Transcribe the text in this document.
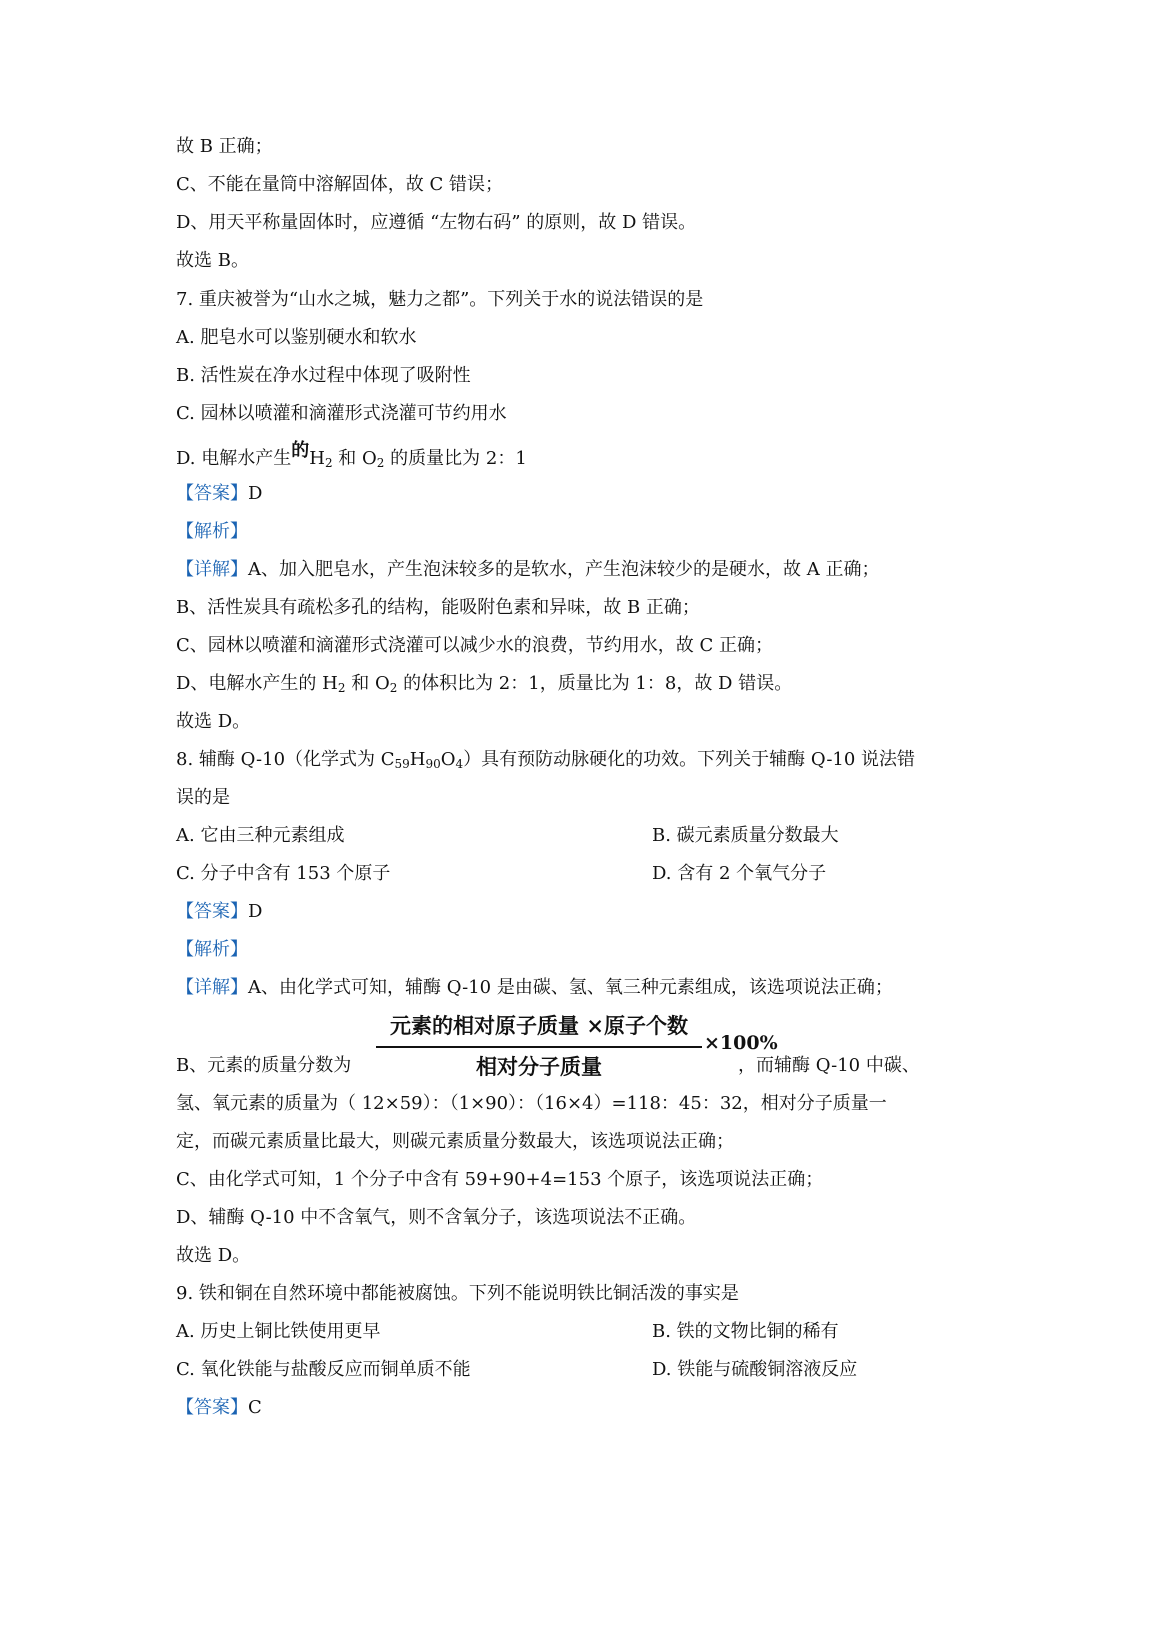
故 B 正确；
C、不能在量筒中溶解固体，故 C 错误；
D、用天平称量固体时，应遵循 “左物右码” 的原则，故 D 错误。
故选 B。
7. 重庆被誉为“山水之城，魅力之都”。下列关于水的说法错误的是
A. 肥皂水可以鉴别硬水和软水
B. 活性炭在净水过程中体现了吸附性
C. 园林以喷灌和滴灌形式浇灌可节约用水
D. 电解水产生的$H_2$ 和 $O_2$ 的质量比为 2：1
【答案】D
【解析】
【详解】A、加入肥皂水，产生泡沫较多的是软水，产生泡沫较少的是硬水，故 A 正确；
B、活性炭具有疏松多孔的结构，能吸附色素和异味，故 B 正确；
C、园林以喷灌和滴灌形式浇灌可以减少水的浪费，节约用水，故 C 正确；
D、电解水产生的 $H_2$ 和 $O_2$ 的体积比为 2：1，质量比为 1：8，故 D 错误。
故选 D。
8. 辅酶 Q-10（化学式为 $C_{59}H_{90}O_4$）具有预防动脉硬化的功效。下列关于辅酶 Q-10 说法错
误的是
A. 它由三种元素组成	B. 碳元素质量分数最大
C. 分子中含有 153 个原子	D. 含有 2 个氧气分子
【答案】D
【解析】
【详解】A、由化学式可知，辅酶 Q-10 是由碳、氢、氧三种元素组成，该选项说法正确；
元素的相对原子质量 ×原子个数
相对分子质量
×100%
B、元素的质量分数为	，而辅酶 Q-10 中碳、
氢、氧元素的质量为（ 12×59）：（1×90）：（16×4）=118：45：32，相对分子质量一
定，而碳元素质量比最大，则碳元素质量分数最大，该选项说法正确；
C、由化学式可知，1 个分子中含有 59+90+4=153 个原子，该选项说法正确；
D、辅酶 Q-10 中不含氧气，则不含氧分子，该选项说法不正确。
故选 D。
9. 铁和铜在自然环境中都能被腐蚀。下列不能说明铁比铜活泼的事实是
A. 历史上铜比铁使用更早	B. 铁的文物比铜的稀有
C. 氧化铁能与盐酸反应而铜单质不能	D. 铁能与硫酸铜溶液反应
【答案】C
